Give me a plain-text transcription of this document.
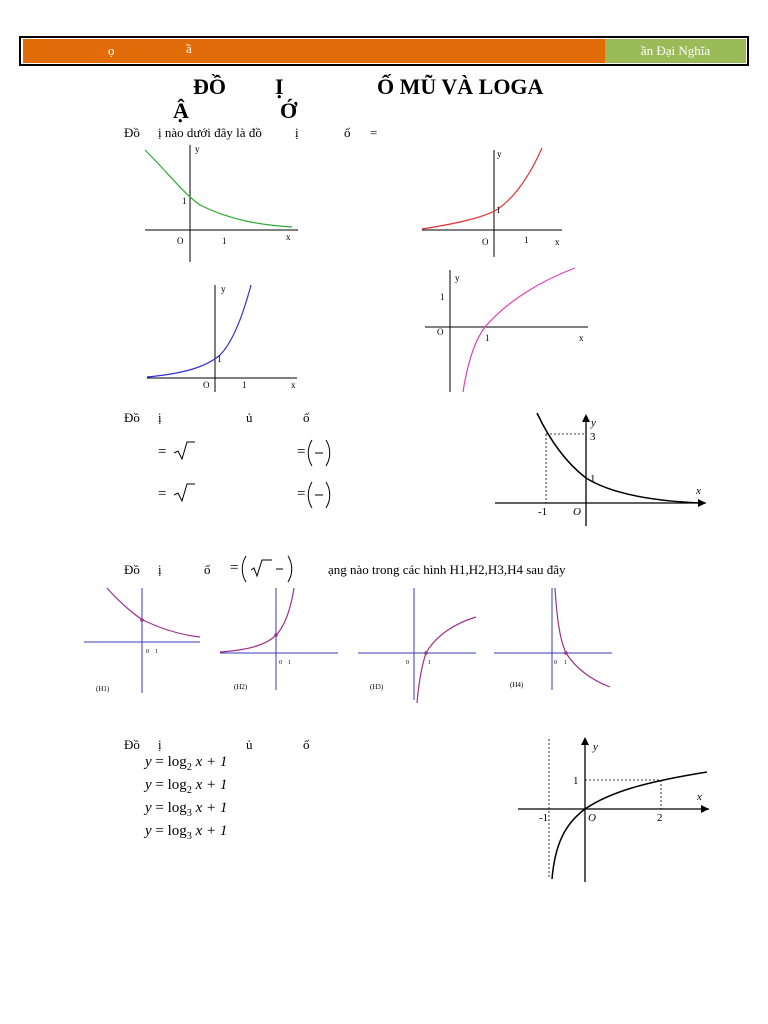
ọ	ầ	ần Đại Nghĩa
ĐỒ Ị	Ố MŨ VÀ LOGA
Ậ	Ớ
Đồ ị nào dưới đây là đồ	ị	ố =
y
x
O	1
1
y
x
O	1
1
y
x
O	1
1
y
x
O
1
1
Đồ ị	ủ	ố
=	=
=	=
y
x
O
3
1
-1
Đồ ị	ố =	ạng nào trong các hình H1,H2,H3,H4 sau đây
0 1
(H1)
0 1
(H2)
0	1
(H3)
0 1
(H4)
Đồ ị	ủ	ố
$y = \log_2 x + 1$
$y = \log_2 x + 1$
$y = \log_3 x + 1$
$y = \log_3 x + 1$
y
x
O
1
-1	2
